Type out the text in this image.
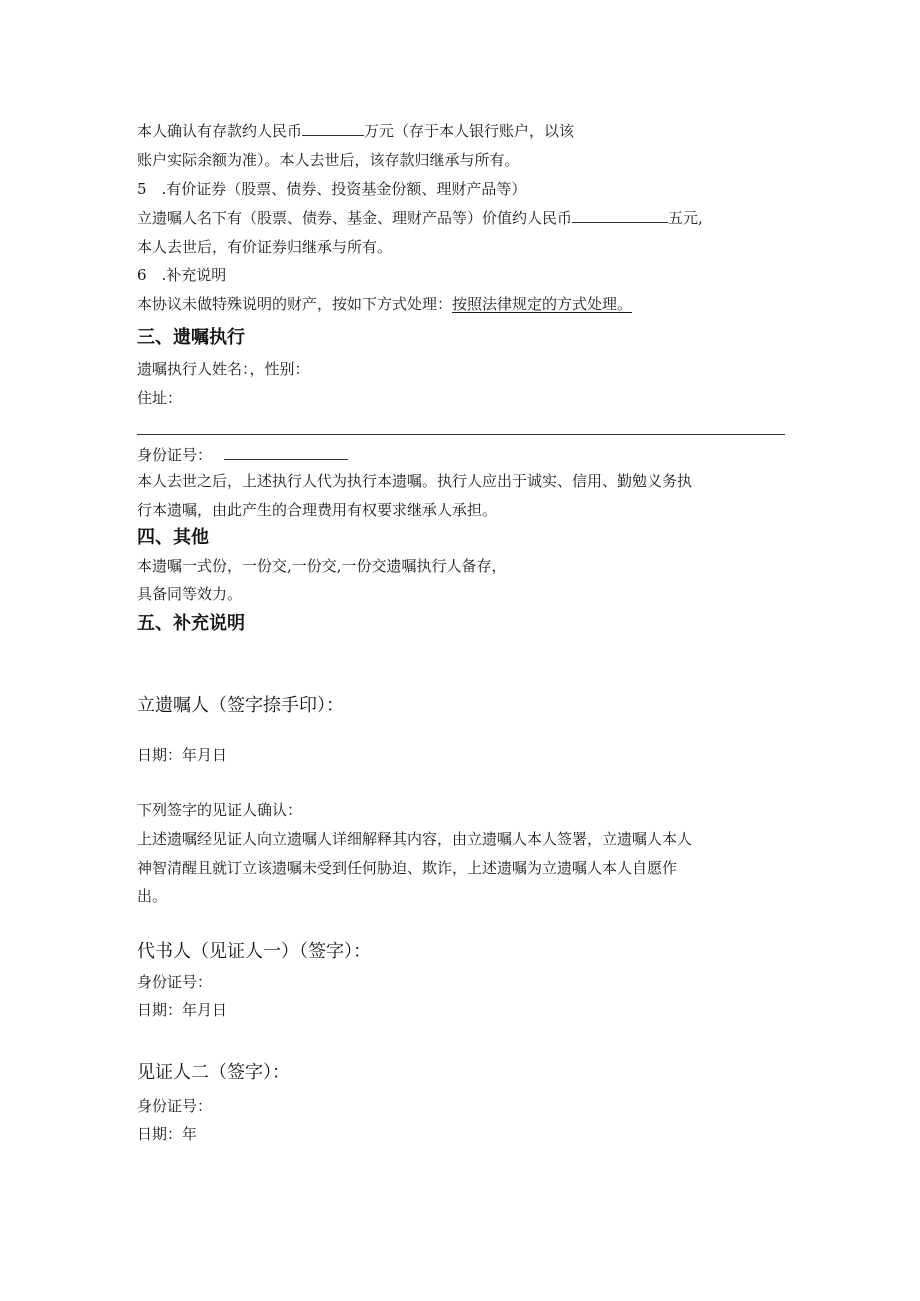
本人确认有存款约人民币	万元（存于本人银行账户，以该
账户实际余额为准）。本人去世后，该存款归继承与所有。
5　.有价证券（股票、债券、投资基金份额、理财产品等）
立遗嘱人名下有（股票、债券、基金、理财产品等）价值约人民币	五元,
本人去世后，有价证券归继承与所有。
6　.补充说明
本协议未做特殊说明的财产，按如下方式处理：按照法律规定的方式处理。
三、遗嘱执行
遗嘱执行人姓名：，性别：
住址：
身份证号：
本人去世之后，上述执行人代为执行本遗嘱。执行人应出于诚实、信用、勤勉义务执
行本遗嘱，由此产生的合理费用有权要求继承人承担。
四、其他
本遗嘱一式份，一份交,一份交,一份交遗嘱执行人备存，
具备同等效力。
五、补充说明
立遗嘱人（签字捺手印）：
日期：年月日
下列签字的见证人确认：
上述遗嘱经见证人向立遗嘱人详细解释其内容，由立遗嘱人本人签署，立遗嘱人本人
神智清醒且就订立该遗嘱未受到任何胁迫、欺诈，上述遗嘱为立遗嘱人本人自愿作
出。
代书人（见证人一）（签字）：
身份证号：
日期：年月日
见证人二（签字）：
身份证号：
日期：年
